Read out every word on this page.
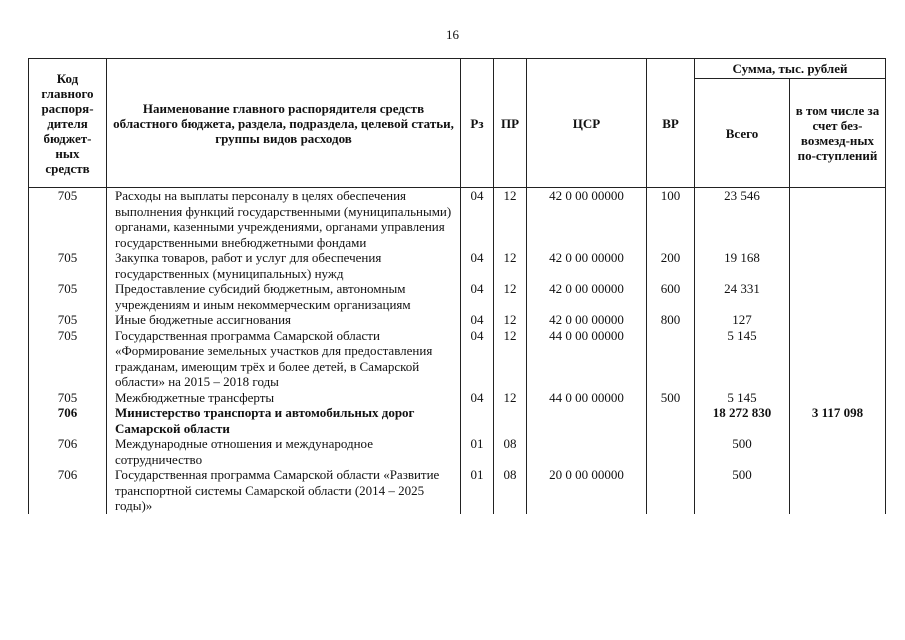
16
Код главного распоря-дителя бюджет-ных средств	Наименование главного распорядителя средств областного бюджета, раздела, подраздела, целевой статьи, группы видов расходов	Рз	ПР	ЦСР	ВР	Сумма, тыс. рублей	
						Всего	в том числе за счет без-возмезд-ных по-ступлений
705	Расходы на выплаты персоналу в целях обеспечения выполнения функций государственными (муниципальными) органами, казенными учреждениями, органами управления государственными внебюджетными фондами	04	12	42 0 00 00000	100	23 546	
705	Закупка товаров, работ и услуг для обеспечения государственных (муниципальных) нужд	04	12	42 0 00 00000	200	19 168	
705	Предоставление субсидий бюджетным, автономным учреждениям и иным некоммерческим организациям	04	12	42 0 00 00000	600	24 331	
705	Иные бюджетные ассигнования	04	12	42 0 00 00000	800	127	
705	Государственная программа Самарской области «Формирование земельных участков для предоставления гражданам, имеющим трёх и более детей, в Самарской области» на 2015 – 2018 годы	04	12	44 0 00 00000		5 145	
705	Межбюджетные трансферты	04	12	44 0 00 00000	500	5 145	
706	Министерство транспорта и автомобильных дорог Самарской области					18 272 830	3 117 098
706	Международные отношения и международное сотрудничество	01	08			500	
706	Государственная программа Самарской области «Развитие транспортной системы Самарской области (2014 – 2025 годы)»	01	08	20 0 00 00000		500	
